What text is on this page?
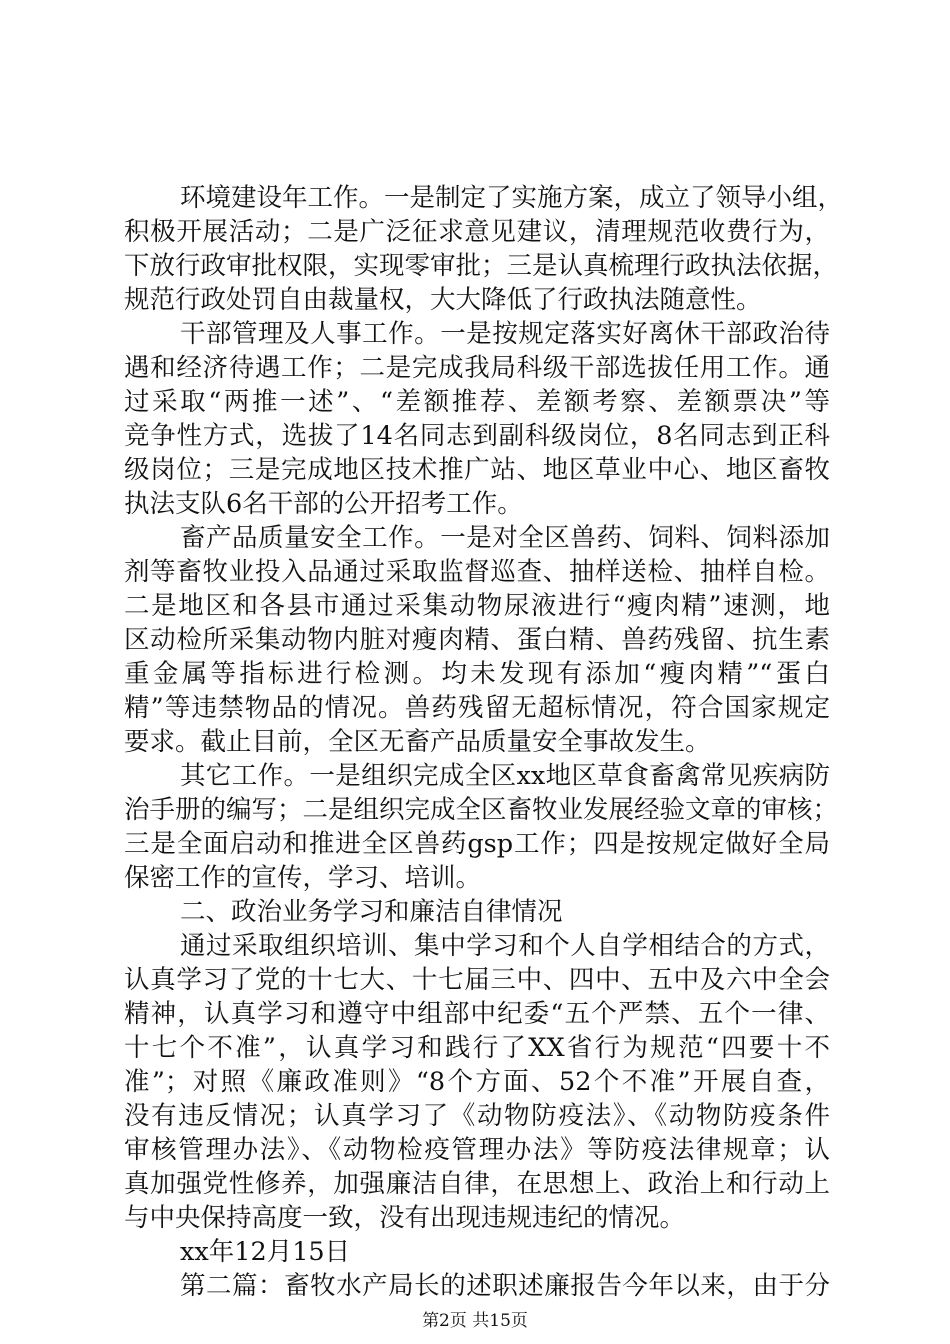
环境建设年工作。一是制定了实施方案，成立了领导小组，
积极开展活动；二是广泛征求意见建议，清理规范收费行为，
下放行政审批权限，实现零审批；三是认真梳理行政执法依据，
规范行政处罚自由裁量权，大大降低了行政执法随意性。
干部管理及人事工作。一是按规定落实好离休干部政治待
遇和经济待遇工作；二是完成我局科级干部选拔任用工作。通
过采取“两推一述”、“差额推荐、差额考察、差额票决”等
竞争性方式，选拔了14名同志到副科级岗位，8名同志到正科
级岗位；三是完成地区技术推广站、地区草业中心、地区畜牧
执法支队6名干部的公开招考工作。
畜产品质量安全工作。一是对全区兽药、饲料、饲料添加
剂等畜牧业投入品通过采取监督巡查、抽样送检、抽样自检。
二是地区和各县市通过采集动物尿液进行“瘦肉精”速测，地
区动检所采集动物内脏对瘦肉精、蛋白精、兽药残留、抗生素
重金属等指标进行检测。均未发现有添加“瘦肉精”“蛋白
精”等违禁物品的情况。兽药残留无超标情况，符合国家规定
要求。截止目前，全区无畜产品质量安全事故发生。
其它工作。一是组织完成全区xx地区草食畜禽常见疾病防
治手册的编写；二是组织完成全区畜牧业发展经验文章的审核；
三是全面启动和推进全区兽药gsp工作；四是按规定做好全局
保密工作的宣传，学习、培训。
二、政治业务学习和廉洁自律情况
通过采取组织培训、集中学习和个人自学相结合的方式，
认真学习了党的十七大、十七届三中、四中、五中及六中全会
精神，认真学习和遵守中组部中纪委“五个严禁、五个一律、
十七个不准”，认真学习和践行了XX省行为规范“四要十不
准”；对照《廉政准则》“8个方面、52个不准”开展自查，
没有违反情况；认真学习了《动物防疫法》、《动物防疫条件
审核管理办法》、《动物检疫管理办法》等防疫法律规章；认
真加强党性修养，加强廉洁自律，在思想上、政治上和行动上
与中央保持高度一致，没有出现违规违纪的情况。
xx年12月15日
第二篇：畜牧水产局长的述职述廉报告今年以来，由于分
第2页 共15页
